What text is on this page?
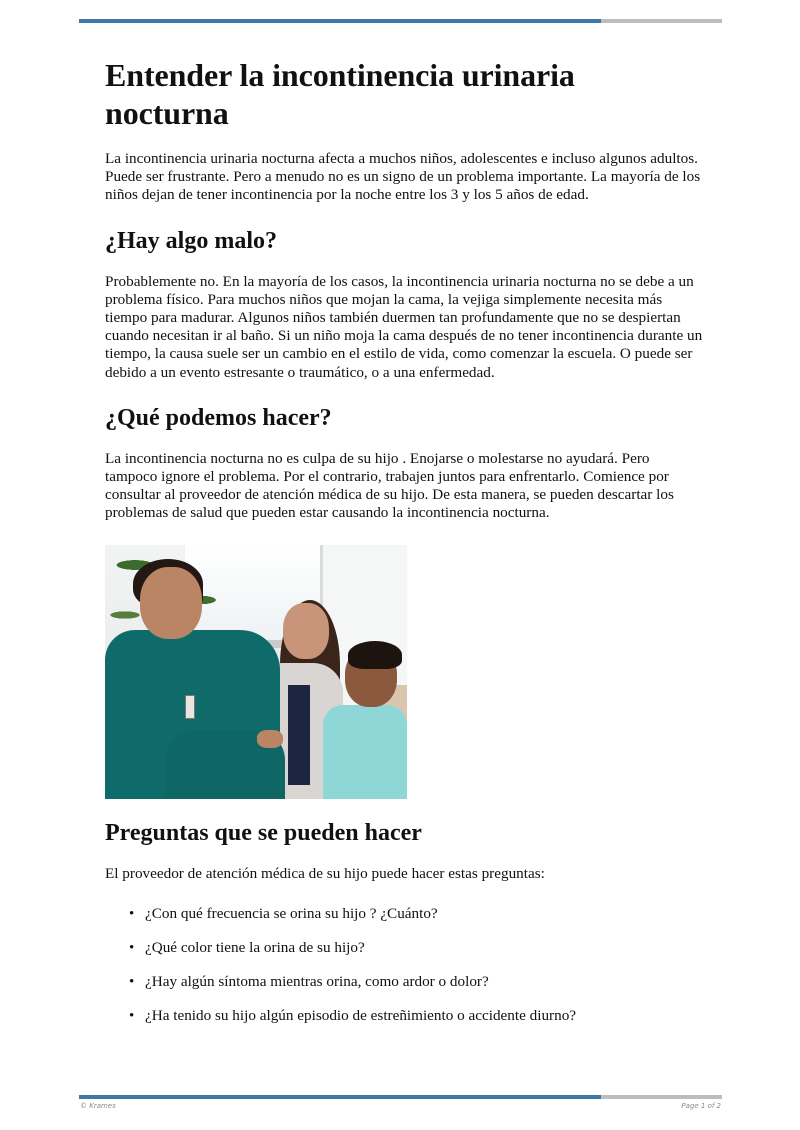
Entender la incontinencia urinaria nocturna

La incontinencia urinaria nocturna afecta a muchos niños, adolescentes e incluso algunos adultos. Puede ser frustrante. Pero a menudo no es un signo de un problema importante. La mayoría de los niños dejan de tener incontinencia por la noche entre los 3 y los 5 años de edad.

¿Hay algo malo?

Probablemente no. En la mayoría de los casos, la incontinencia urinaria nocturna no se debe a un problema físico. Para muchos niños que mojan la cama, la vejiga simplemente necesita más tiempo para madurar. Algunos niños también duermen tan profundamente que no se despiertan cuando necesitan ir al baño. Si un niño moja la cama después de no tener incontinencia durante un tiempo, la causa suele ser un cambio en el estilo de vida, como comenzar la escuela. O puede ser debido a un evento estresante o traumático, o a una enfermedad.

¿Qué podemos hacer?

La incontinencia nocturna no es culpa de su hijo . Enojarse o molestarse no ayudará. Pero tampoco ignore el problema. Por el contrario, trabajen juntos para enfrentarlo. Comience por consultar al proveedor de atención médica de su hijo. De esta manera, se pueden descartar los problemas de salud que pueden estar causando la incontinencia nocturna.

Preguntas que se pueden hacer

El proveedor de atención médica de su hijo puede hacer estas preguntas:

• ¿Con qué frecuencia se orina su hijo ? ¿Cuánto?
• ¿Qué color tiene la orina de su hijo?
• ¿Hay algún síntoma mientras orina, como ardor o dolor?
• ¿Ha tenido su hijo algún episodio de estreñimiento o accidente diurno?
© Krames	Page 1 of 2
